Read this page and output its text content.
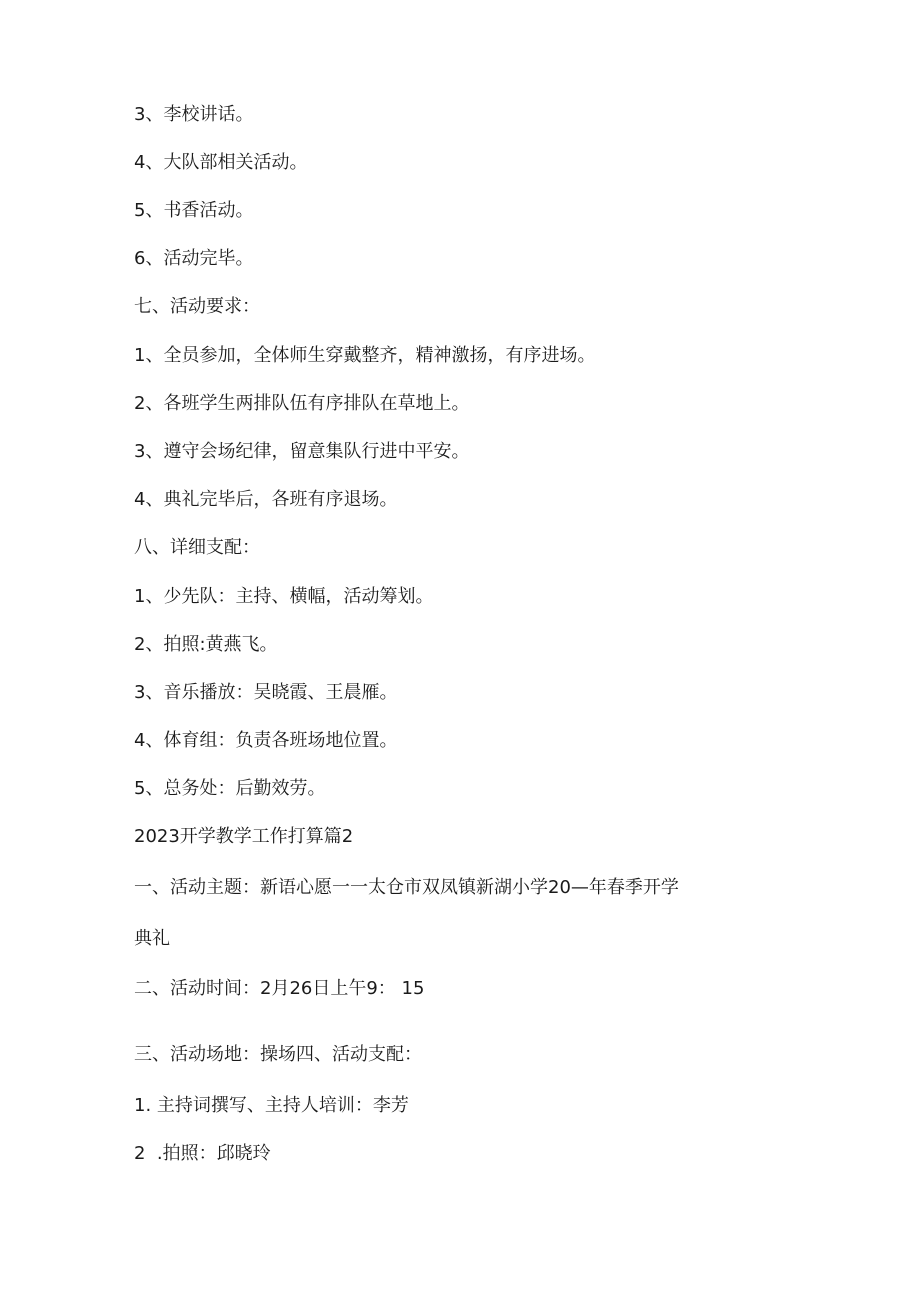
3、李校讲话。

4、大队部相关活动。

5、书香活动。

6、活动完毕。

七、活动要求：

1、全员参加，全体师生穿戴整齐，精神激扬，有序进场。

2、各班学生两排队伍有序排队在草地上。

3、遵守会场纪律，留意集队行进中平安。

4、典礼完毕后，各班有序退场。

八、详细支配：

1、少先队：主持、横幅，活动筹划。

2、拍照:黄燕飞。

3、音乐播放：吴晓霞、王晨雁。

4、体育组：负责各班场地位置。

5、总务处：后勤效劳。

2023开学教学工作打算篇2

一、活动主题：新语心愿一一太仓市双凤镇新湖小学20—年春季开学

典礼

二、活动时间：2月26日上午9： 15

三、活动场地：操场四、活动支配：

1. 主持词撰写、主持人培训：李芳

2  .拍照：邱晓玲
